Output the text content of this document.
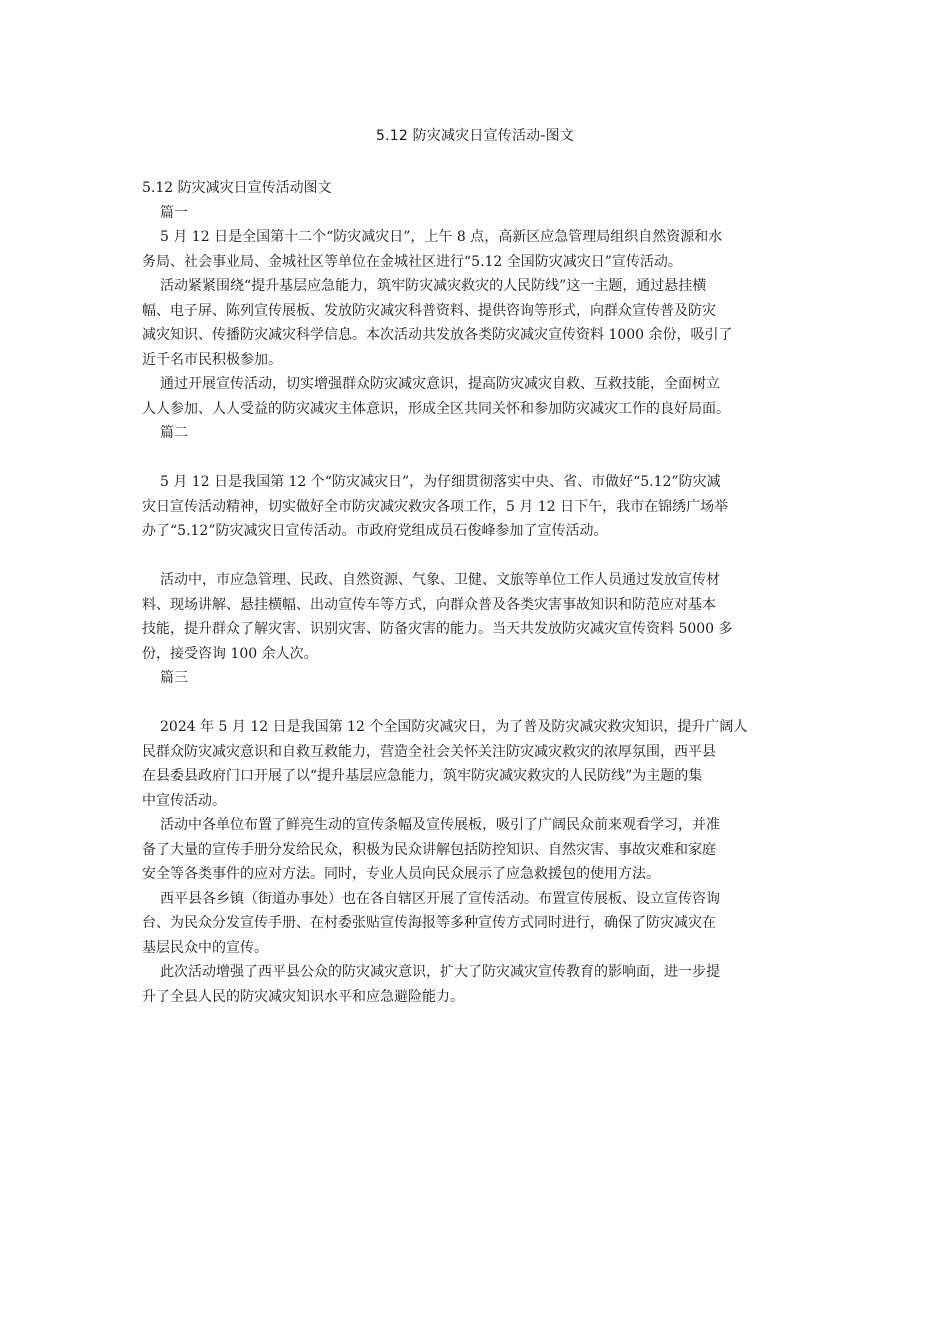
5.12 防灾减灾日宣传活动-图文
5.12 防灾减灾日宣传活动图文
篇一
5 月 12 日是全国第十二个“防灾减灾日”，上午 8 点，高新区应急管理局组织自然资源和水
务局、社会事业局、金城社区等单位在金城社区进行“5.12 全国防灾减灾日”宣传活动。
活动紧紧围绕“提升基层应急能力，筑牢防灾减灾救灾的人民防线”这一主题，通过悬挂横
幅、电子屏、陈列宣传展板、发放防灾减灾科普资料、提供咨询等形式，向群众宣传普及防灾
减灾知识、传播防灾减灾科学信息。本次活动共发放各类防灾减灾宣传资料 1000 余份，吸引了
近千名市民积极参加。
通过开展宣传活动，切实增强群众防灾减灾意识，提高防灾减灾自救、互救技能，全面树立
人人参加、人人受益的防灾减灾主体意识，形成全区共同关怀和参加防灾减灾工作的良好局面。
篇二
5 月 12 日是我国第 12 个“防灾减灾日”，为仔细贯彻落实中央、省、市做好“5.12”防灾减
灾日宣传活动精神，切实做好全市防灾减灾救灾各项工作，5 月 12 日下午，我市在锦绣广场举
办了“5.12”防灾减灾日宣传活动。市政府党组成员石俊峰参加了宣传活动。
活动中，市应急管理、民政、自然资源、气象、卫健、文旅等单位工作人员通过发放宣传材
料、现场讲解、悬挂横幅、出动宣传车等方式，向群众普及各类灾害事故知识和防范应对基本
技能，提升群众了解灾害、识别灾害、防备灾害的能力。当天共发放防灾减灾宣传资料 5000 多
份，接受咨询 100 余人次。
篇三
2024 年 5 月 12 日是我国第 12 个全国防灾减灾日，为了普及防灾减灾救灾知识，提升广阔人
民群众防灾减灾意识和自救互救能力，营造全社会关怀关注防灾减灾救灾的浓厚氛围，西平县
在县委县政府门口开展了以“提升基层应急能力，筑牢防灾减灾救灾的人民防线”为主题的集
中宣传活动。
活动中各单位布置了鲜亮生动的宣传条幅及宣传展板，吸引了广阔民众前来观看学习，并准
备了大量的宣传手册分发给民众，积极为民众讲解包括防控知识、自然灾害、事故灾难和家庭
安全等各类事件的应对方法。同时，专业人员向民众展示了应急救援包的使用方法。
西平县各乡镇（街道办事处）也在各自辖区开展了宣传活动。布置宣传展板、设立宣传咨询
台、为民众分发宣传手册、在村委张贴宣传海报等多种宣传方式同时进行，确保了防灾减灾在
基层民众中的宣传。
此次活动增强了西平县公众的防灾减灾意识，扩大了防灾减灾宣传教育的影响面，进一步提
升了全县人民的防灾减灾知识水平和应急避险能力。
